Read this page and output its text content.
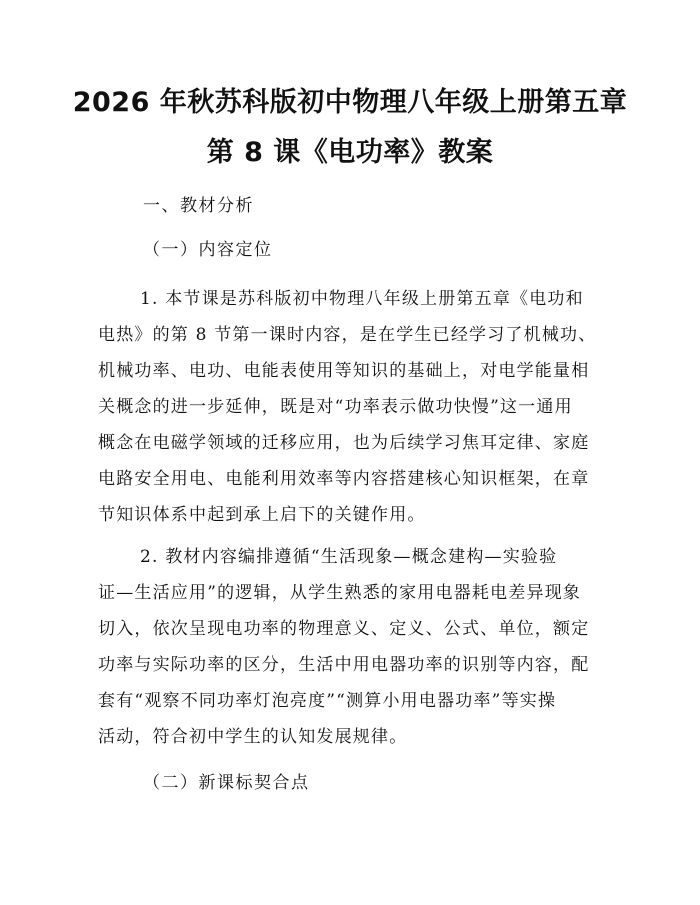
2026 年秋苏科版初中物理八年级上册第五章
第 8 课《电功率》教案
一、教材分析
（一）内容定位
1. 本节课是苏科版初中物理八年级上册第五章《电功和
电热》的第 8 节第一课时内容，是在学生已经学习了机械功、
机械功率、电功、电能表使用等知识的基础上，对电学能量相
关概念的进一步延伸，既是对“功率表示做功快慢”这一通用
概念在电磁学领域的迁移应用，也为后续学习焦耳定律、家庭
电路安全用电、电能利用效率等内容搭建核心知识框架，在章
节知识体系中起到承上启下的关键作用。
2. 教材内容编排遵循“生活现象—概念建构—实验验
证—生活应用”的逻辑，从学生熟悉的家用电器耗电差异现象
切入，依次呈现电功率的物理意义、定义、公式、单位，额定
功率与实际功率的区分，生活中用电器功率的识别等内容，配
套有“观察不同功率灯泡亮度”“测算小用电器功率”等实操
活动，符合初中学生的认知发展规律。
（二）新课标契合点
